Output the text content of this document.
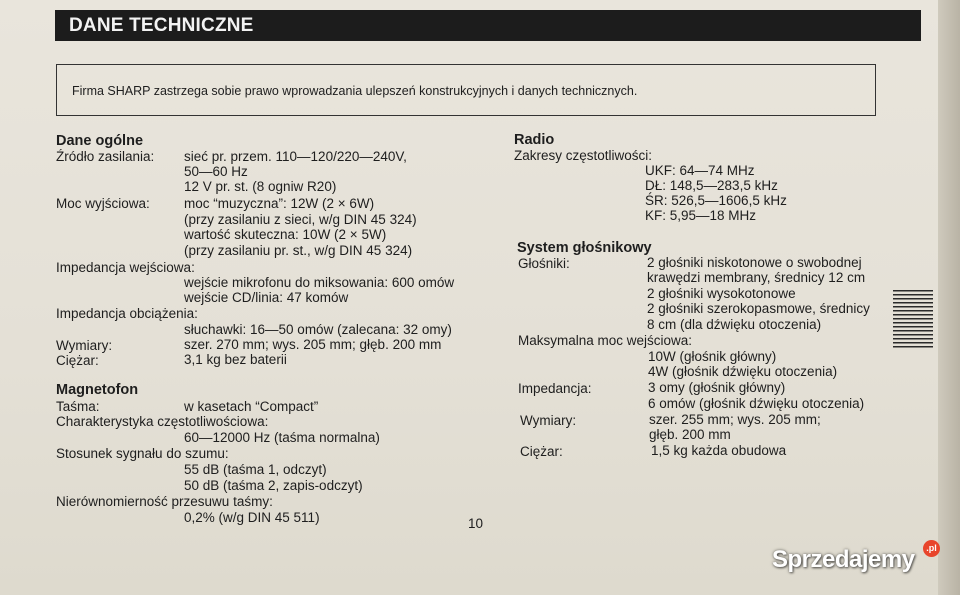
DANE TECHNICZNE
Firma SHARP zastrzega sobie prawo wprowadzania ulepszeń konstrukcyjnych i danych technicznych.
Dane ogólne
Źródło zasilania: sieć pr. przem. 110—120/220—240V,
50—60 Hz
12 V pr. st. (8 ogniw R20)
Moc wyjściowa:	moc “muzyczna”: 12W (2 × 6W)
(przy zasilaniu z sieci, w/g DIN 45 324)
wartość skuteczna: 10W (2 × 5W)
(przy zasilaniu pr. st., w/g DIN 45 324)
Impedancja wejściowa:
wejście mikrofonu do miksowania: 600 omów
wejście CD/linia: 47 komów
Impedancja obciążenia:
słuchawki: 16—50 omów (zalecana: 32 omy)
Wymiary:	szer. 270 mm; wys. 205 mm; głęb. 200 mm
Ciężar:	3,1 kg bez baterii
Magnetofon
Taśma:	w kasetach “Compact”
Charakterystyka częstotliwościowa:
60—12000 Hz (taśma normalna)
Stosunek sygnału do szumu:
55 dB (taśma 1, odczyt)
50 dB (taśma 2, zapis-odczyt)
Nierównomierność przesuwu taśmy:
0,2% (w/g DIN 45 511)
Radio
Zakresy częstotliwości:
UKF: 64—74 MHz
DŁ: 148,5—283,5 kHz
ŚR: 526,5—1606,5 kHz
KF: 5,95—18 MHz
System głośnikowy
Głośniki:	2 głośniki niskotonowe o swobodnej
krawędzi membrany, średnicy 12 cm
2 głośniki wysokotonowe
2 głośniki szerokopasmowe, średnicy
8 cm (dla dźwięku otoczenia)
Maksymalna moc wejściowa:
10W (głośnik główny)
4W (głośnik dźwięku otoczenia)
Impedancja:	3 omy (głośnik główny)
6 omów (głośnik dźwięku otoczenia)
Wymiary:	szer. 255 mm; wys. 205 mm;
głęb. 200 mm
Ciężar:	1,5 kg każda obudowa
10
Sprzedajemy	.pl
